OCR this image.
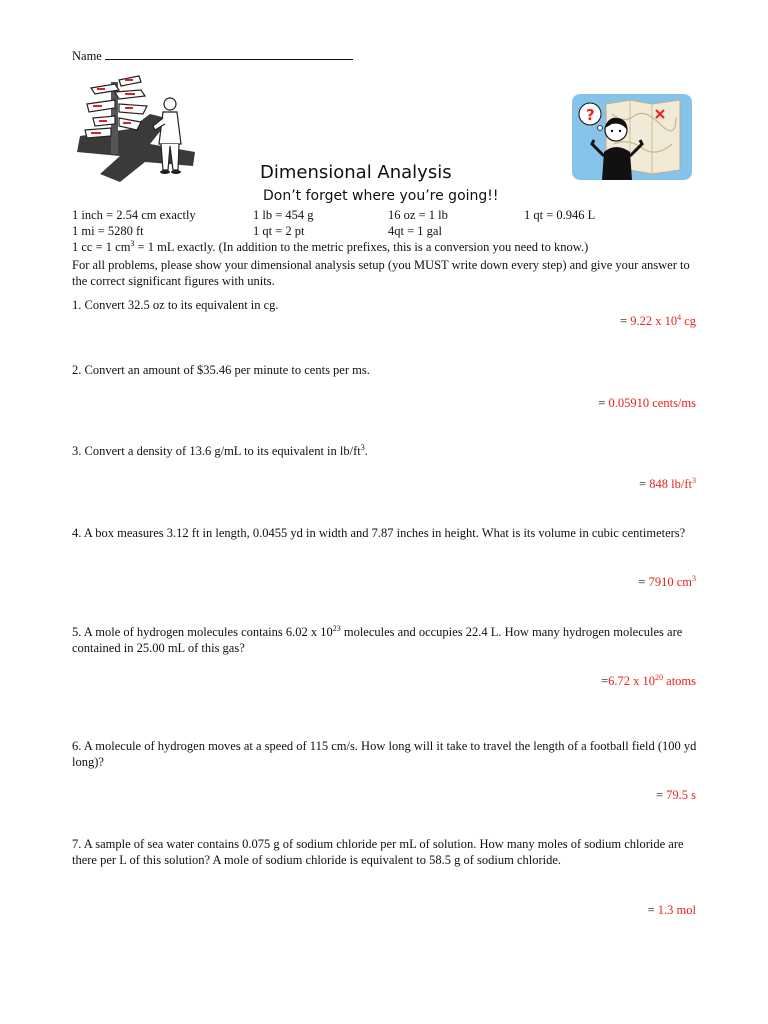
Name
?
Dimensional Analysis
Don’t forget where you’re going!!
1 inch = 2.54 cm exactly	1 lb = 454 g	16 oz = 1 lb	1 qt = 0.946 L
1 mi = 5280 ft	1 qt = 2 pt	4qt = 1 gal
1 cc = 1 $cm^3 = 1$ mL exactly. (In addition to the metric prefixes, this is a conversion you need to know.)
For all problems, please show your dimensional analysis setup (you MUST write down every step) and give your answer to the correct significant figures with units.
1. Convert 32.5 oz to its equivalent in cg.
= 9.22 x $10^4$ cg
2. Convert an amount of $35.46 per minute to cents per ms.
= 0.05910 cents/ms
3. Convert a density of 13.6 g/mL to its equivalent in $lb/ft^3$.
= 848 $lb/ft^3$
4. A box measures 3.12 ft in length, 0.0455 yd in width and 7.87 inches in height. What is its volume in cubic centimeters?
= 7910 $cm^3$
5. A mole of hydrogen molecules contains 6.02 x $10^{23}$ molecules and occupies 22.4 L. How many hydrogen molecules are contained in 25.00 mL of this gas?
=6.72 x $10^{20}$ atoms
6. A molecule of hydrogen moves at a speed of 115 cm/s. How long will it take to travel the length of a football field (100 yd long)?
= 79.5 s
7. A sample of sea water contains 0.075 g of sodium chloride per mL of solution. How many moles of sodium chloride are there per L of this solution? A mole of sodium chloride is equivalent to 58.5 g of sodium chloride.
= 1.3 mol
